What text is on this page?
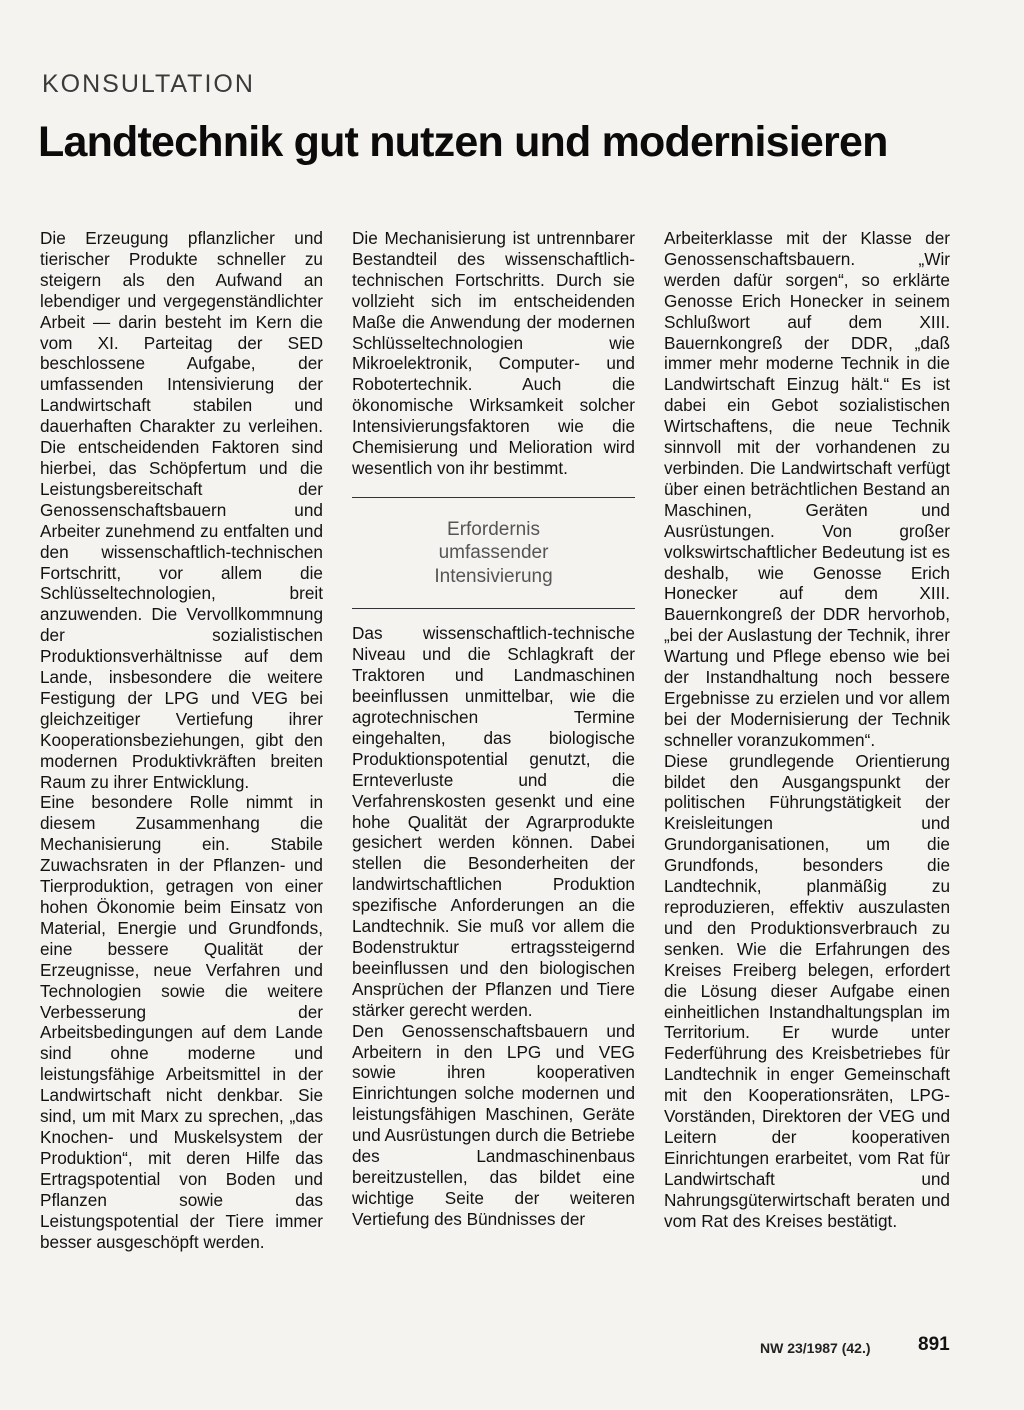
KONSULTATION
Landtechnik gut nutzen und modernisieren

Die Erzeugung pflanzlicher und tierischer Produkte schneller zu steigern als den Aufwand an lebendiger und vergegenständlichter Arbeit — darin besteht im Kern die vom XI. Parteitag der SED beschlossene Aufgabe, der umfassenden Intensivierung der Landwirtschaft stabilen und dauerhaften Charakter zu verleihen. Die entscheidenden Faktoren sind hierbei, das Schöpfertum und die Leistungsbereitschaft der Genossenschaftsbauern und Arbeiter zunehmend zu entfalten und den wissenschaftlich-technischen Fortschritt, vor allem die Schlüsseltechnologien, breit anzuwenden. Die Vervollkommnung der sozialistischen Produktionsverhältnisse auf dem Lande, insbesondere die weitere Festigung der LPG und VEG bei gleichzeitiger Vertiefung ihrer Kooperationsbeziehungen, gibt den modernen Produktivkräften breiten Raum zu ihrer Entwicklung.

Eine besondere Rolle nimmt in diesem Zusammenhang die Mechanisierung ein. Stabile Zuwachsraten in der Pflanzen- und Tierproduktion, getragen von einer hohen Ökonomie beim Einsatz von Material, Energie und Grundfonds, eine bessere Qualität der Erzeugnisse, neue Verfahren und Technologien sowie die weitere Verbesserung der Arbeitsbedingungen auf dem Lande sind ohne moderne und leistungsfähige Arbeitsmittel in der Landwirtschaft nicht denkbar. Sie sind, um mit Marx zu sprechen, „das Knochen- und Muskelsystem der Produktion“, mit deren Hilfe das Ertragspotential von Boden und Pflanzen sowie das Leistungspotential der Tiere immer besser ausgeschöpft werden.

Die Mechanisierung ist untrennbarer Bestandteil des wissenschaftlich-technischen Fortschritts. Durch sie vollzieht sich im entscheidenden Maße die Anwendung der modernen Schlüsseltechnologien wie Mikroelektronik, Computer- und Robotertechnik. Auch die ökonomische Wirksamkeit solcher Intensivierungsfaktoren wie die Chemisierung und Melioration wird wesentlich von ihr bestimmt.

Erfordernis
umfassender
Intensivierung

Das wissenschaftlich-technische Niveau und die Schlagkraft der Traktoren und Landmaschinen beeinflussen unmittelbar, wie die agrotechnischen Termine eingehalten, das biologische Produktionspotential genutzt, die Ernteverluste und die Verfahrenskosten gesenkt und eine hohe Qualität der Agrarprodukte gesichert werden können. Dabei stellen die Besonderheiten der landwirtschaftlichen Produktion spezifische Anforderungen an die Landtechnik. Sie muß vor allem die Bodenstruktur ertragssteigernd beeinflussen und den biologischen Ansprüchen der Pflanzen und Tiere stärker gerecht werden.

Den Genossenschaftsbauern und Arbeitern in den LPG und VEG sowie ihren kooperativen Einrichtungen solche modernen und leistungsfähigen Maschinen, Geräte und Ausrüstungen durch die Betriebe des Landmaschinenbaus bereitzustellen, das bildet eine wichtige Seite der weiteren Vertiefung des Bündnisses der

Arbeiterklasse mit der Klasse der Genossenschaftsbauern. „Wir werden dafür sorgen“, so erklärte Genosse Erich Honecker in seinem Schlußwort auf dem XIII. Bauernkongreß der DDR, „daß immer mehr moderne Technik in die Landwirtschaft Einzug hält.“ Es ist dabei ein Gebot sozialistischen Wirtschaftens, die neue Technik sinnvoll mit der vorhandenen zu verbinden. Die Landwirtschaft verfügt über einen beträchtlichen Bestand an Maschinen, Geräten und Ausrüstungen. Von großer volkswirtschaftlicher Bedeutung ist es deshalb, wie Genosse Erich Honecker auf dem XIII. Bauernkongreß der DDR hervorhob, „bei der Auslastung der Technik, ihrer Wartung und Pflege ebenso wie bei der Instandhaltung noch bessere Ergebnisse zu erzielen und vor allem bei der Modernisierung der Technik schneller voranzukommen“.

Diese grundlegende Orientierung bildet den Ausgangspunkt der politischen Führungstätigkeit der Kreisleitungen und Grundorganisationen, um die Grundfonds, besonders die Landtechnik, planmäßig zu reproduzieren, effektiv auszulasten und den Produktionsverbrauch zu senken. Wie die Erfahrungen des Kreises Freiberg belegen, erfordert die Lösung dieser Aufgabe einen einheitlichen Instandhaltungsplan im Territorium. Er wurde unter Federführung des Kreisbetriebes für Landtechnik in enger Gemeinschaft mit den Kooperationsräten, LPG-Vorständen, Direktoren der VEG und Leitern der kooperativen Einrichtungen erarbeitet, vom Rat für Landwirtschaft und Nahrungsgüterwirtschaft beraten und vom Rat des Kreises bestätigt.

NW 23/1987 (42.)	891
